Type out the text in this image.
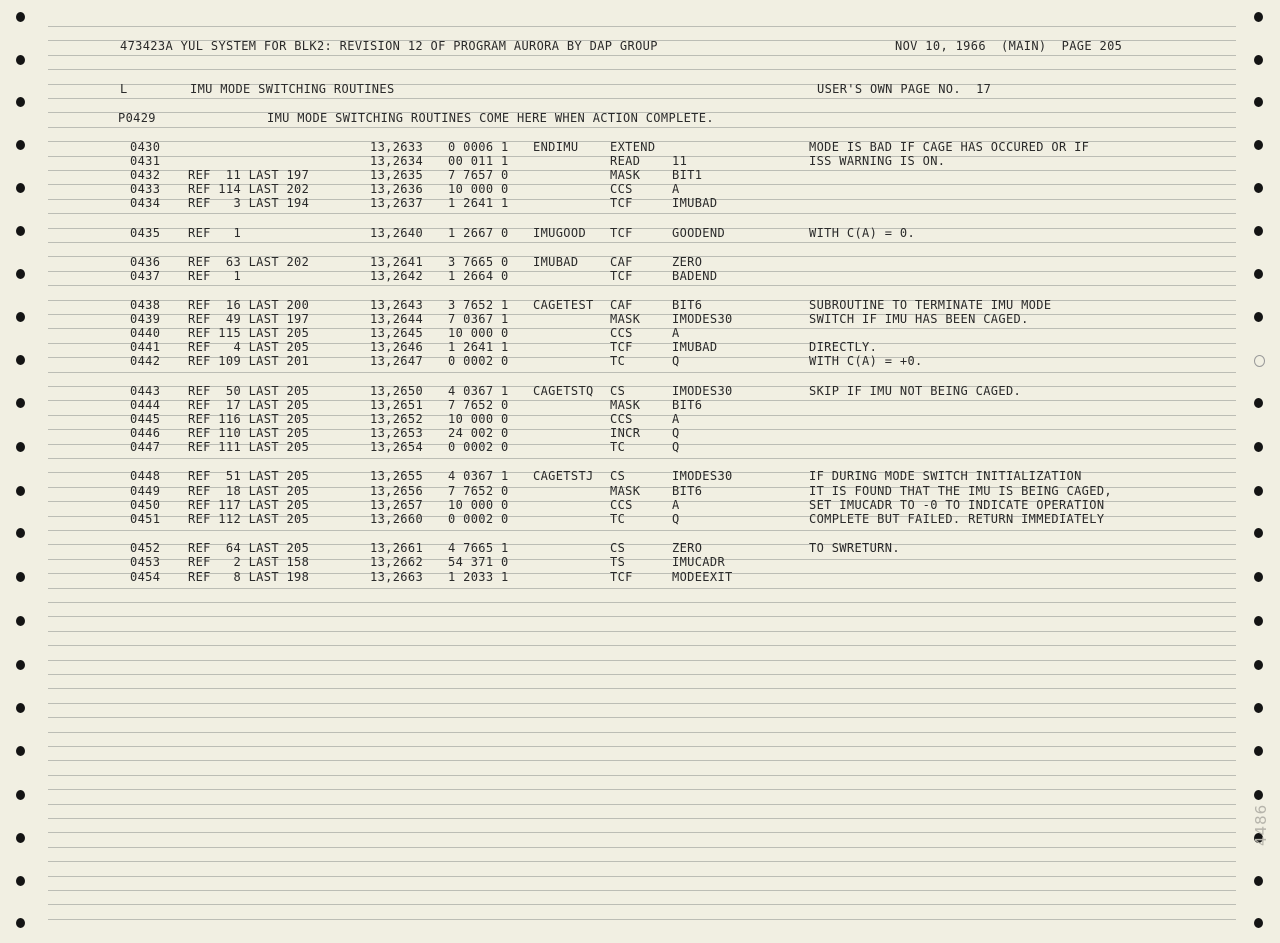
473423A YUL SYSTEM FOR BLK2: REVISION 12 OF PROGRAM AURORA BY DAP GROUP	NOV 10, 1966  (MAIN)  PAGE 205
L	IMU MODE SWITCHING ROUTINES	USER'S OWN PAGE NO.  17
P0429	IMU MODE SWITCHING ROUTINES COME HERE WHEN ACTION COMPLETE.
0430	13,2633 0 0006 1 ENDIMU	EXTEND	MODE IS BAD IF CAGE HAS OCCURED OR IF
0431	13,2634 00 011 1	READ	11	ISS WARNING IS ON.
0432 REF  11 LAST 197	13,2635 7 7657 0	MASK	BIT1
0433 REF 114 LAST 202	13,2636 10 000 0	CCS	A
0434 REF   3 LAST 194	13,2637 1 2641 1	TCF	IMUBAD
0435 REF   1	13,2640 1 2667 0 IMUGOOD TCF	GOODEND	WITH C(A) = 0.
0436 REF  63 LAST 202	13,2641 3 7665 0 IMUBAD	CAF	ZERO
0437 REF   1	13,2642 1 2664 0	TCF	BADEND
0438 REF  16 LAST 200	13,2643 3 7652 1 CAGETEST CAF	BIT6	SUBROUTINE TO TERMINATE IMU MODE
0439 REF  49 LAST 197	13,2644 7 0367 1	MASK	IMODES30	SWITCH IF IMU HAS BEEN CAGED.
0440 REF 115 LAST 205	13,2645 10 000 0	CCS	A
0441 REF   4 LAST 205	13,2646 1 2641 1	TCF	IMUBAD	DIRECTLY.
0442 REF 109 LAST 201	13,2647 0 0002 0	TC	Q	WITH C(A) = +0.
0443 REF  50 LAST 205	13,2650 4 0367 1 CAGETSTQ CS	IMODES30	SKIP IF IMU NOT BEING CAGED.
0444 REF  17 LAST 205	13,2651 7 7652 0	MASK	BIT6
0445 REF 116 LAST 205	13,2652 10 000 0	CCS	A
0446 REF 110 LAST 205	13,2653 24 002 0	INCR	Q
0447 REF 111 LAST 205	13,2654 0 0002 0	TC	Q
0448 REF  51 LAST 205	13,2655 4 0367 1 CAGETSTJ CS	IMODES30	IF DURING MODE SWITCH INITIALIZATION
0449 REF  18 LAST 205	13,2656 7 7652 0	MASK	BIT6	IT IS FOUND THAT THE IMU IS BEING CAGED,
0450 REF 117 LAST 205	13,2657 10 000 0	CCS	A	SET IMUCADR TO -0 TO INDICATE OPERATION
0451 REF 112 LAST 205	13,2660 0 0002 0	TC	Q	COMPLETE BUT FAILED. RETURN IMMEDIATELY
0452 REF  64 LAST 205	13,2661 4 7665 1	CS	ZERO	TO SWRETURN.
0453 REF   2 LAST 158	13,2662 54 371 0	TS	IMUCADR
0454 REF   8 LAST 198	13,2663 1 2033 1	TCF	MODEEXIT
4486
